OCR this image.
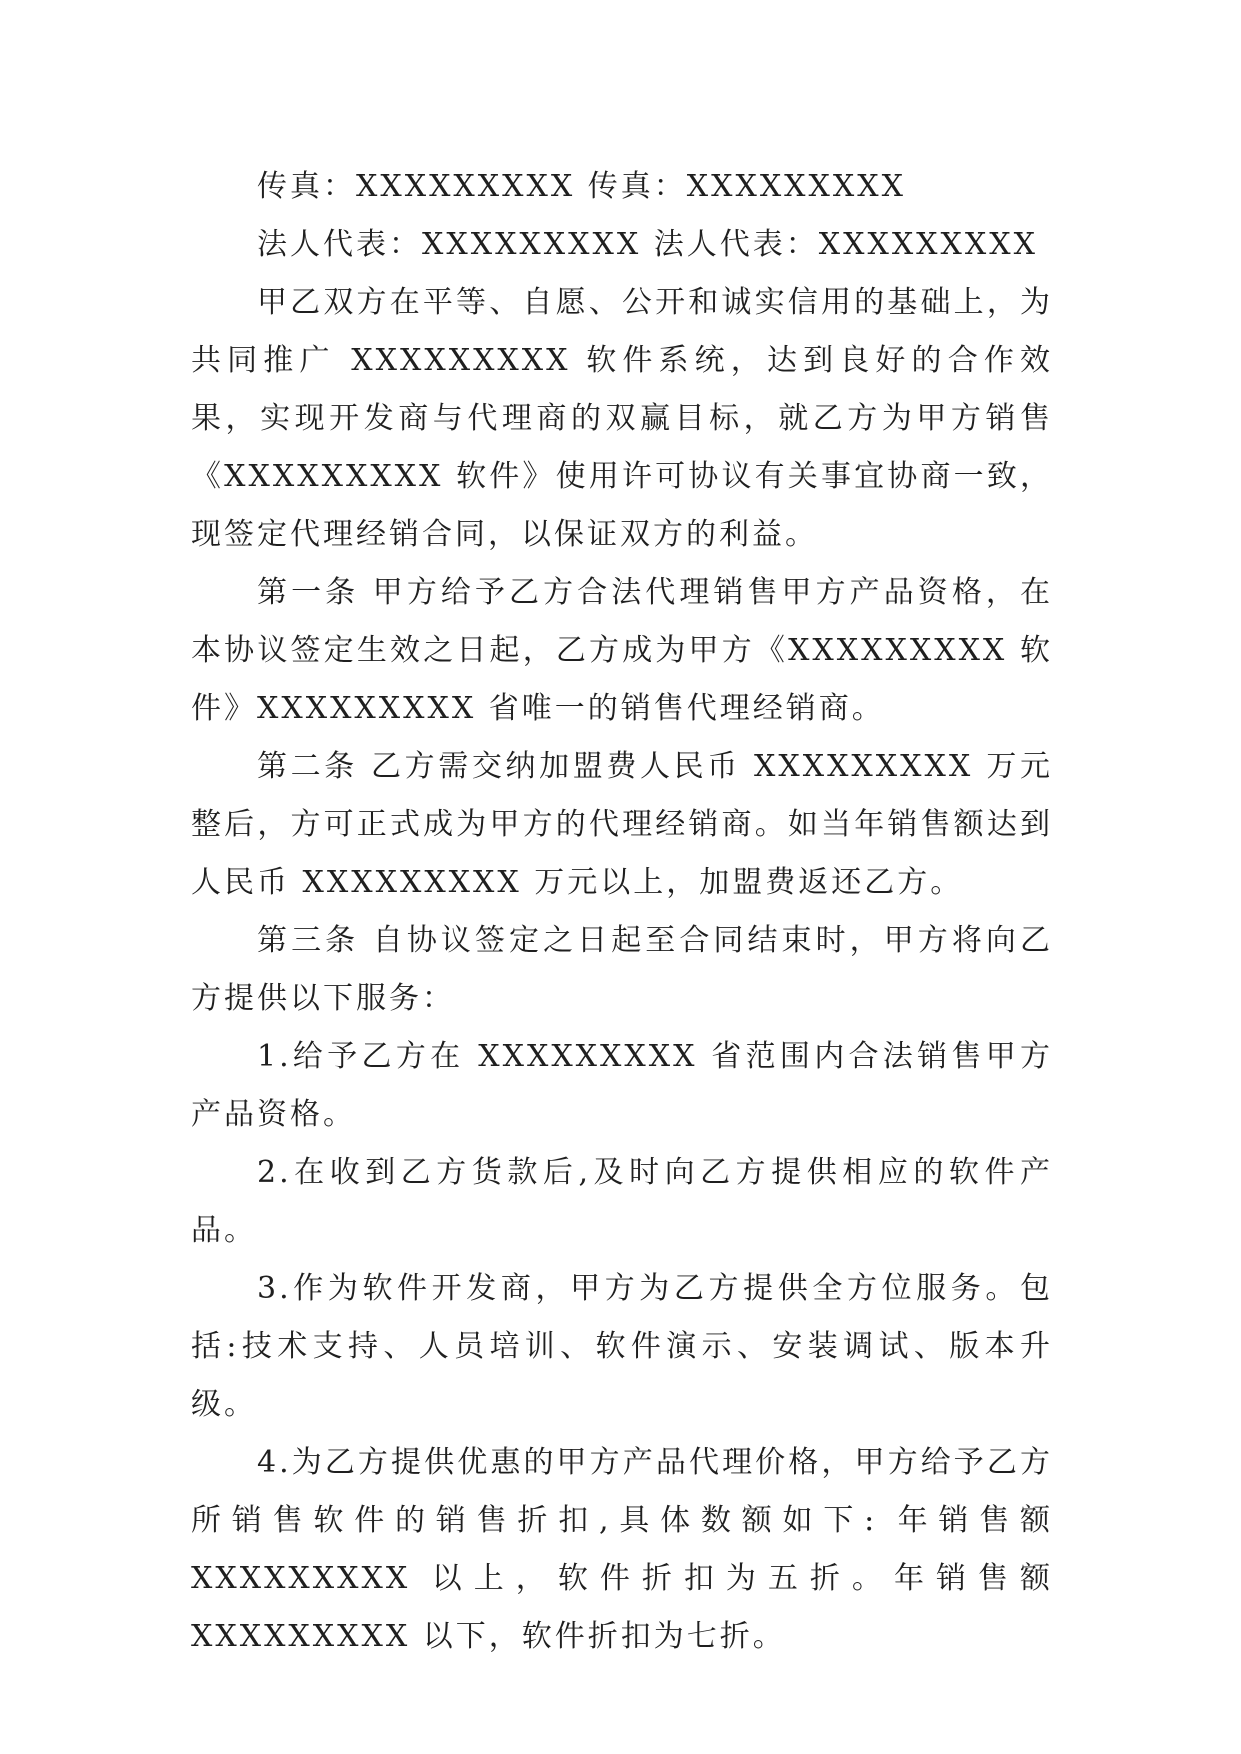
传真：XXXXXXXXX 传真：XXXXXXXXX

法人代表：XXXXXXXXX 法人代表：XXXXXXXXX

甲乙双方在平等、自愿、公开和诚实信用的基础上，为共同推广 XXXXXXXXX 软件系统，达到良好的合作效果，实现开发商与代理商的双赢目标，就乙方为甲方销售《XXXXXXXXX 软件》使用许可协议有关事宜协商一致，现签定代理经销合同，以保证双方的利益。

第一条 甲方给予乙方合法代理销售甲方产品资格，在本协议签定生效之日起，乙方成为甲方《XXXXXXXXX 软件》XXXXXXXXX 省唯一的销售代理经销商。

第二条 乙方需交纳加盟费人民币 XXXXXXXXX 万元整后，方可正式成为甲方的代理经销商。如当年销售额达到人民币 XXXXXXXXX 万元以上，加盟费返还乙方。

第三条 自协议签定之日起至合同结束时，甲方将向乙方提供以下服务：

1.给予乙方在 XXXXXXXXX 省范围内合法销售甲方产品资格。

2.在收到乙方货款后,及时向乙方提供相应的软件产品。

3.作为软件开发商，甲方为乙方提供全方位服务。包括:技术支持、人员培训、软件演示、安装调试、版本升级。

4.为乙方提供优惠的甲方产品代理价格，甲方给予乙方所销售软件的销售折扣,具体数额如下: 年销售额 XXXXXXXXX 以上，软件折扣为五折。年销售额 XXXXXXXXX 以下，软件折扣为七折。
